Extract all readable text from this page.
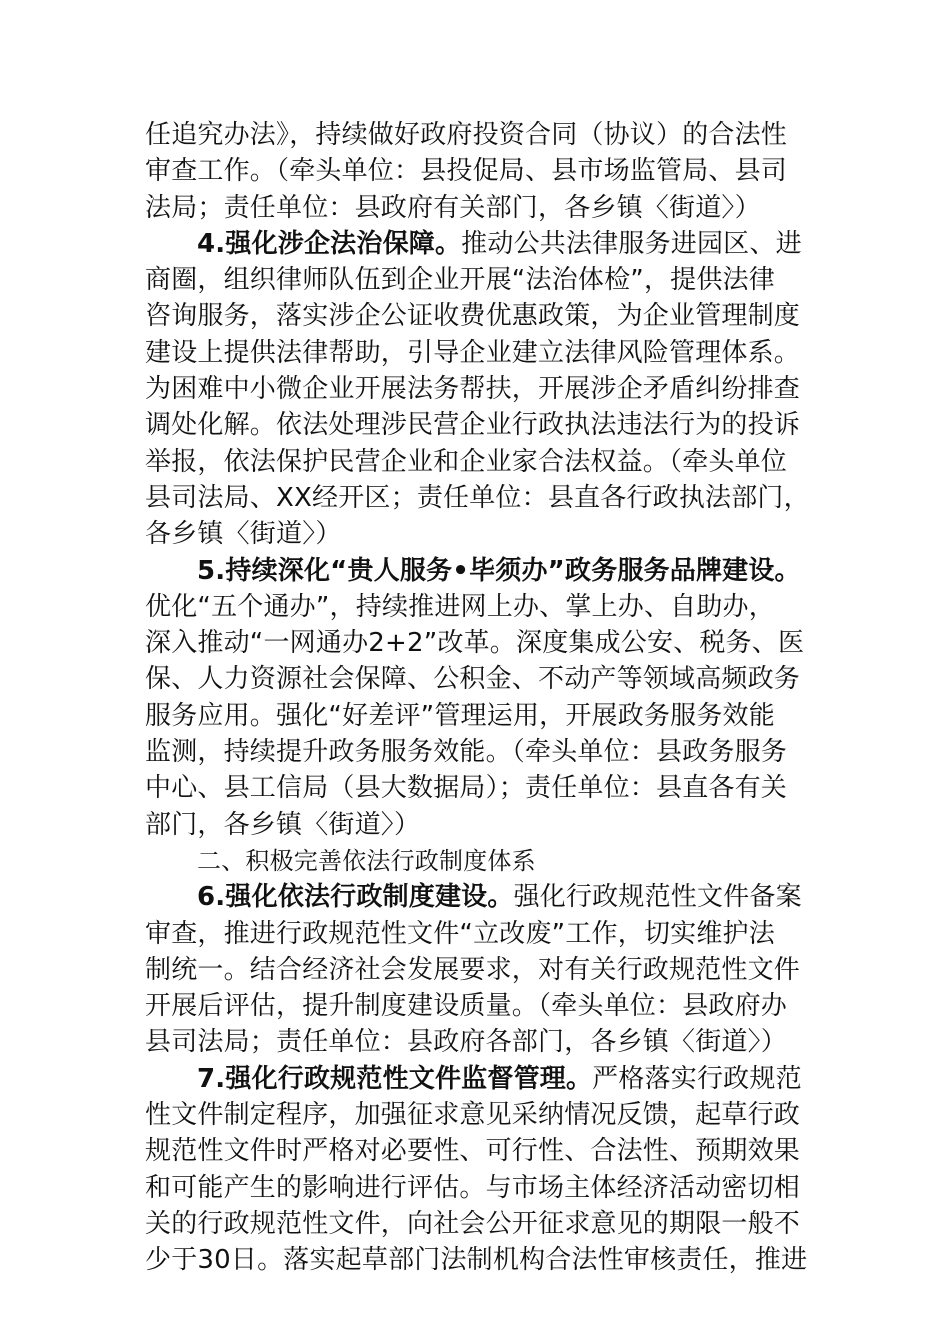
任追究办法》，持续做好政府投资合同（协议）的合法性
审查工作。（牵头单位：县投促局、县市场监管局、县司
法局；责任单位：县政府有关部门，各乡镇〈街道〉）
4.强化涉企法治保障。推动公共法律服务进园区、进
商圈，组织律师队伍到企业开展“法治体检”，提供法律
咨询服务，落实涉企公证收费优惠政策，为企业管理制度
建设上提供法律帮助，引导企业建立法律风险管理体系。
为困难中小微企业开展法务帮扶，开展涉企矛盾纠纷排查
调处化解。依法处理涉民营企业行政执法违法行为的投诉
举报，依法保护民营企业和企业家合法权益。（牵头单位
县司法局、XX经开区；责任单位：县直各行政执法部门，
各乡镇〈街道〉）
5.持续深化“贵人服务•毕须办”政务服务品牌建设。
优化“五个通办”，持续推进网上办、掌上办、自助办，
深入推动“一网通办2+2”改革。深度集成公安、税务、医
保、人力资源社会保障、公积金、不动产等领域高频政务
服务应用。强化“好差评”管理运用，开展政务服务效能
监测，持续提升政务服务效能。（牵头单位：县政务服务
中心、县工信局（县大数据局）；责任单位：县直各有关
部门，各乡镇〈街道〉）
二、积极完善依法行政制度体系
6.强化依法行政制度建设。强化行政规范性文件备案
审查，推进行政规范性文件“立改废”工作，切实维护法
制统一。结合经济社会发展要求，对有关行政规范性文件
开展后评估，提升制度建设质量。（牵头单位：县政府办
县司法局；责任单位：县政府各部门，各乡镇〈街道〉）
7.强化行政规范性文件监督管理。严格落实行政规范
性文件制定程序，加强征求意见采纳情况反馈，起草行政
规范性文件时严格对必要性、可行性、合法性、预期效果
和可能产生的影响进行评估。与市场主体经济活动密切相
关的行政规范性文件，向社会公开征求意见的期限一般不
少于30日。落实起草部门法制机构合法性审核责任，推进
